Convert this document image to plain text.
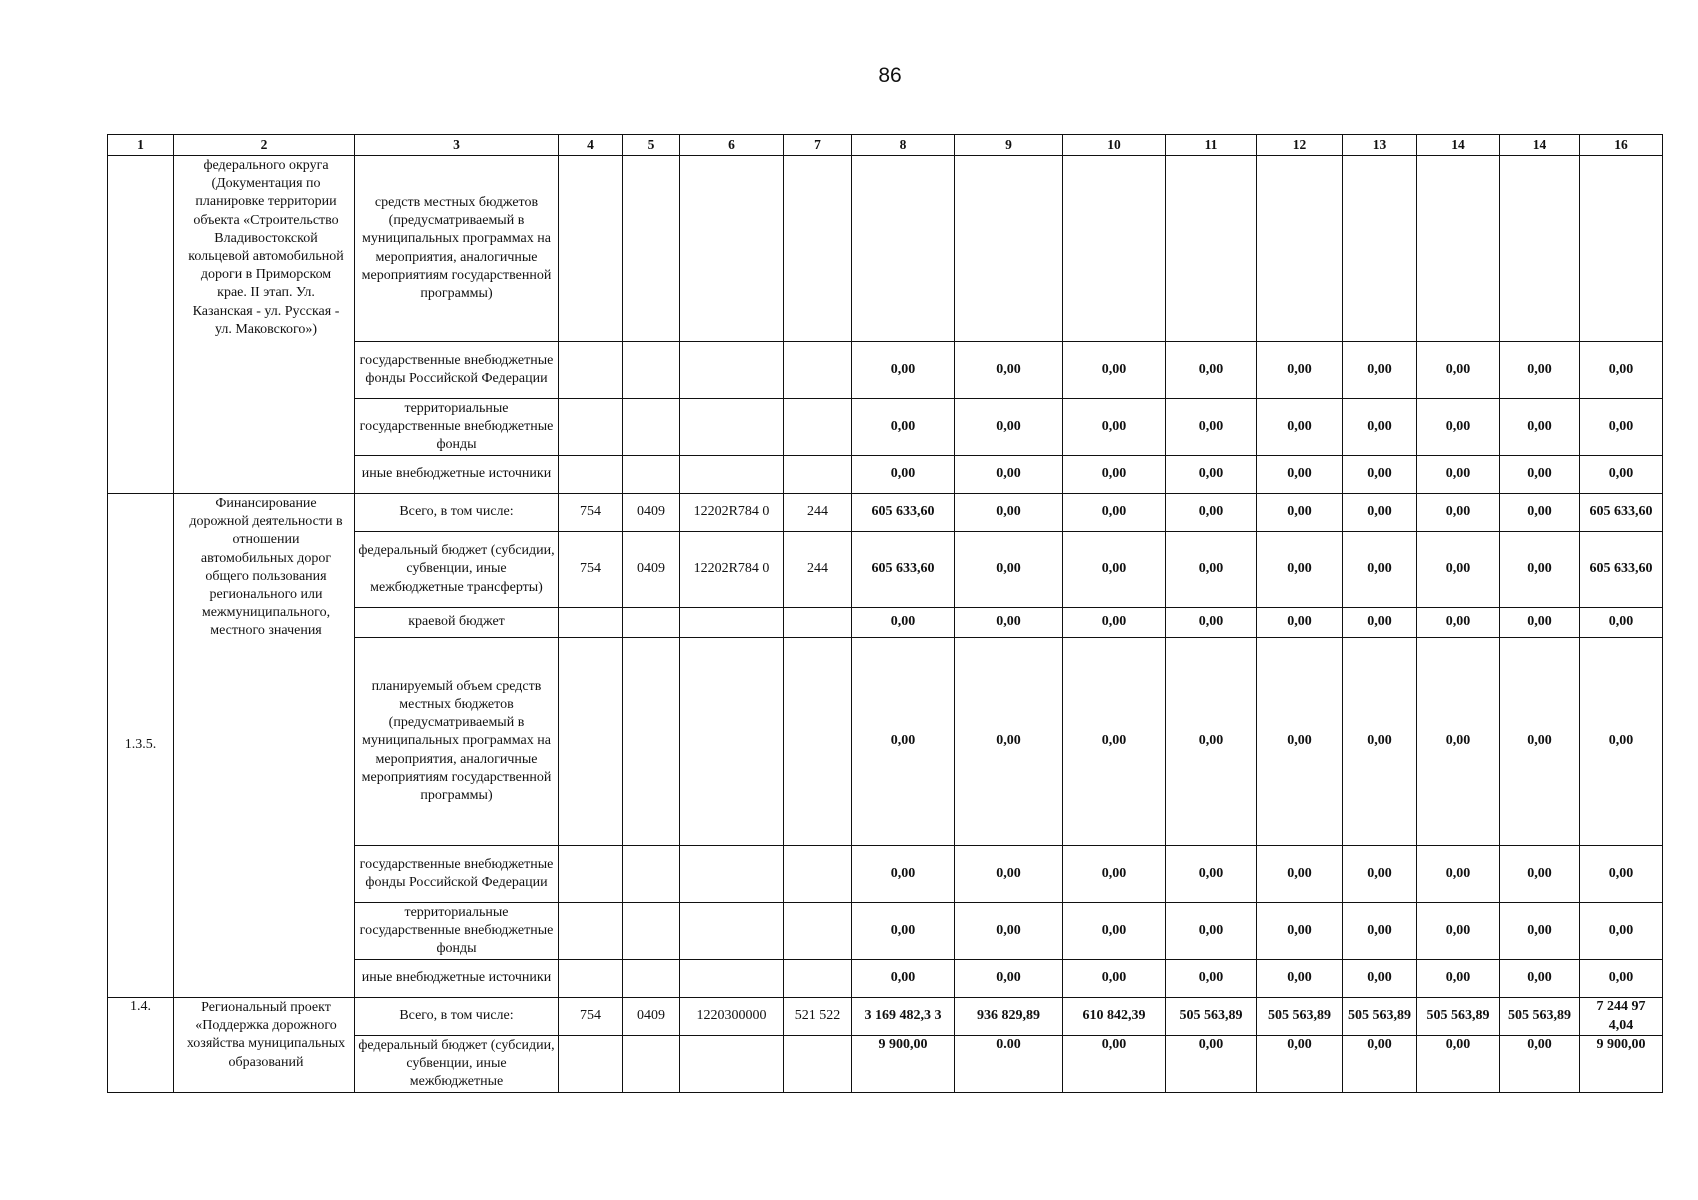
86
1	2	3	4	5	6	7	8	9	10	11	12	13	14	14	16
	федерального округа (Документация по планировке территории объекта «Строительство Владивостокской кольцевой автомобильной дороги в Приморском крае. II этап. Ул. Казанская - ул. Русская - ул. Маковского»)	средств местных бюджетов (предусматриваемый в муниципальных программах на мероприятия, аналогичные мероприятиям государственной программы)													
		государственные внебюджетные фонды Российской Федерации					0,00	0,00	0,00	0,00	0,00	0,00	0,00	0,00	0,00
		территориальные государственные внебюджетные фонды					0,00	0,00	0,00	0,00	0,00	0,00	0,00	0,00	0,00
		иные внебюджетные источники					0,00	0,00	0,00	0,00	0,00	0,00	0,00	0,00	0,00
1.3.5.	Финансирование дорожной деятельности в отношении автомобильных дорог общего пользования регионального или межмуниципального, местного значения	Всего, в том числе:	754	0409	12202R784 0	244	605 633,60	0,00	0,00	0,00	0,00	0,00	0,00	0,00	605 633,60
		федеральный бюджет (субсидии, субвенции, иные межбюджетные трансферты)	754	0409	12202R784 0	244	605 633,60	0,00	0,00	0,00	0,00	0,00	0,00	0,00	605 633,60
		краевой бюджет					0,00	0,00	0,00	0,00	0,00	0,00	0,00	0,00	0,00
		планируемый объем средств местных бюджетов (предусматриваемый в муниципальных программах на мероприятия, аналогичные мероприятиям государственной программы)					0,00	0,00	0,00	0,00	0,00	0,00	0,00	0,00	0,00
		государственные внебюджетные фонды Российской Федерации					0,00	0,00	0,00	0,00	0,00	0,00	0,00	0,00	0,00
		территориальные государственные внебюджетные фонды					0,00	0,00	0,00	0,00	0,00	0,00	0,00	0,00	0,00
		иные внебюджетные источники					0,00	0,00	0,00	0,00	0,00	0,00	0,00	0,00	0,00
1.4.	Региональный проект «Поддержка дорожного хозяйства муниципальных образований	Всего, в том числе:	754	0409	1220300000	521 522	3 169 482,3 3	936 829,89	610 842,39	505 563,89	505 563,89	505 563,89	505 563,89	505 563,89	7 244 97 4,04
		федеральный бюджет (субсидии, субвенции, иные межбюджетные					9 900,00	0.00	0,00	0,00	0,00	0,00	0,00	0,00	9 900,00
